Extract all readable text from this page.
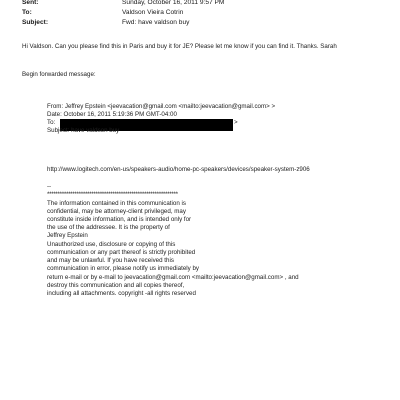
Sent:	Sunday, October 16, 2011 9:57 PM
To:	Valdson Vieira Cotrin
Subject:	Fwd: have valdson buy
Hi Valdson. Can you please find this in Paris and buy it for JE? Please let me know if you can find it. Thanks. Sarah
Begin forwarded message:
From: Jeffrey Epstein <jeevacation@gmail.com <mailto:jeevacation@gmail.com> >
Date: October 16, 2011 5:19:36 PM GMT-04:00
To:	>
Subject: have valdson buy
http://www.logitech.com/en-us/speakers-audio/home-pc-speakers/devices/speaker-system-z906
--
**************************************************************
The information contained in this communication is
confidential, may be attorney-client privileged, may
constitute inside information, and is intended only for
the use of the addressee. It is the property of
Jeffrey Epstein
Unauthorized use, disclosure or copying of this
communication or any part thereof is strictly prohibited
and may be unlawful. If you have received this
communication in error, please notify us immediately by
return e-mail or by e-mail to jeevacation@gmail.com <mailto:jeevacation@gmail.com> , and
destroy this communication and all copies thereof,
including all attachments. copyright -all rights reserved
